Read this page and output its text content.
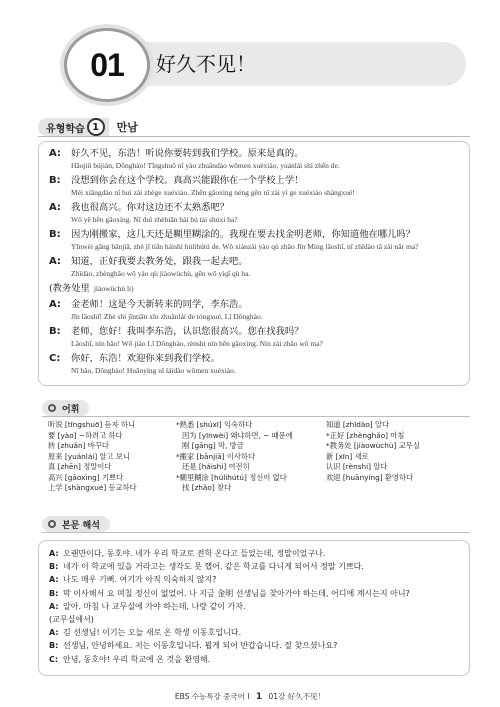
01 好久不见！
유형학습 1	만남
A:	好久不见，东浩！听说你要转到我们学校。原来是真的。
Hǎojiǔ bújiàn, Dōnghào! Tīngshuō nǐ yào zhuǎndào wǒmen xuéxiào, yuánlái shì zhēn de.
B:	没想到你会在这个学校。真高兴能跟你在一个学校上学！
Méi xiǎngdào nǐ huì zài zhège xuéxiào. Zhēn gāoxìng néng gēn nǐ zài yí ge xuéxiào shàngxué!
A:	我也很高兴。你对这边还不太熟悉吧？
Wǒ yě hěn gāoxìng. Nǐ duì zhèbiān hái bú tài shúxi ba?
B:	因为刚搬家，这几天还是糊里糊涂的。我现在要去找金明老师，你知道他在哪儿吗？
Yīnwèi gāng bānjiā, zhè jǐ tiān háishi húlihútú de. Wǒ xiànzài yào qù zhǎo Jīn Míng lǎoshī, nǐ zhīdào tā zài nǎr ma?
A:	知道，正好我要去教务处，跟我一起去吧。
Zhīdào, zhènghǎo wǒ yào qù jiàowùchù, gēn wǒ yìqǐ qù ba.
(教务处里 jiàowùchù li)
A:	金老师！这是今天新转来的同学，李东浩。
Jīn lǎoshī! Zhè shì jīntiān xīn zhuǎnlái de tóngxué, Lǐ Dōnghào.
B:	老师，您好！我叫李东浩，认识您很高兴。您在找我吗？
Lǎoshī, nín hǎo! Wǒ jiào Lǐ Dōnghào, rènshi nín hěn gāoxìng. Nín zài zhǎo wǒ ma?
C:	你好，东浩！欢迎你来到我们学校。
Nǐ hǎo, Dōnghào! Huānyíng nǐ láidào wǒmen xuéxiào.
어휘
听说 [tīngshuō] 듣자 하니
要 [yào] ~하려고 하다
转 [zhuǎn] 바꾸다
原来 [yuánlái] 알고 보니
真 [zhēn] 정말이다
高兴 [gāoxìng] 기쁘다
上学 [shàngxué] 등교하다
*熟悉 [shúxī] 익숙하다
因为 [yīnwèi] 왜냐하면, ~ 때문에
刚 [gāng] 막, 방금
*搬家 [bānjiā] 이사하다
还是 [háishi] 여전히
*糊里糊涂 [húlihútú] 정신이 없다
找 [zhǎo] 찾다
知道 [zhīdào] 알다
*正好 [zhènghǎo] 마침
*教务处 [jiàowùchù] 교무실
新 [xīn] 새로
认识 [rènshi] 알다
欢迎 [huānyíng] 환영하다
본문 해석
A: 오랜만이다, 동호야. 네가 우리 학교로 전학 온다고 들었는데, 정말이었구나.
B: 네가 이 학교에 있을 거라고는 생각도 못 했어. 같은 학교를 다니게 되어서 정말 기쁘다.
A: 나도 매우 기뻐. 여기가 아직 익숙하지 않지?
B: 막 이사해서 요 며칠 정신이 없었어. 나 지금 金明 선생님을 찾아가야 하는데, 어디에 계시는지 아니?
A: 알아. 마침 나 교무실에 가야 하는데, 나랑 같이 가자.
(교무실에서)
A: 김 선생님! 이기는 오늘 새로 온 학생 이동호입니다.
B: 선생님, 안녕하세요. 저는 이동호입니다. 뵙게 되어 반갑습니다. 절 찾으셨나요?
C: 안녕, 동호야! 우리 학교에 온 것을 환영해.
EBS 수능특강 중국어 I 1 01강 好久不见！
